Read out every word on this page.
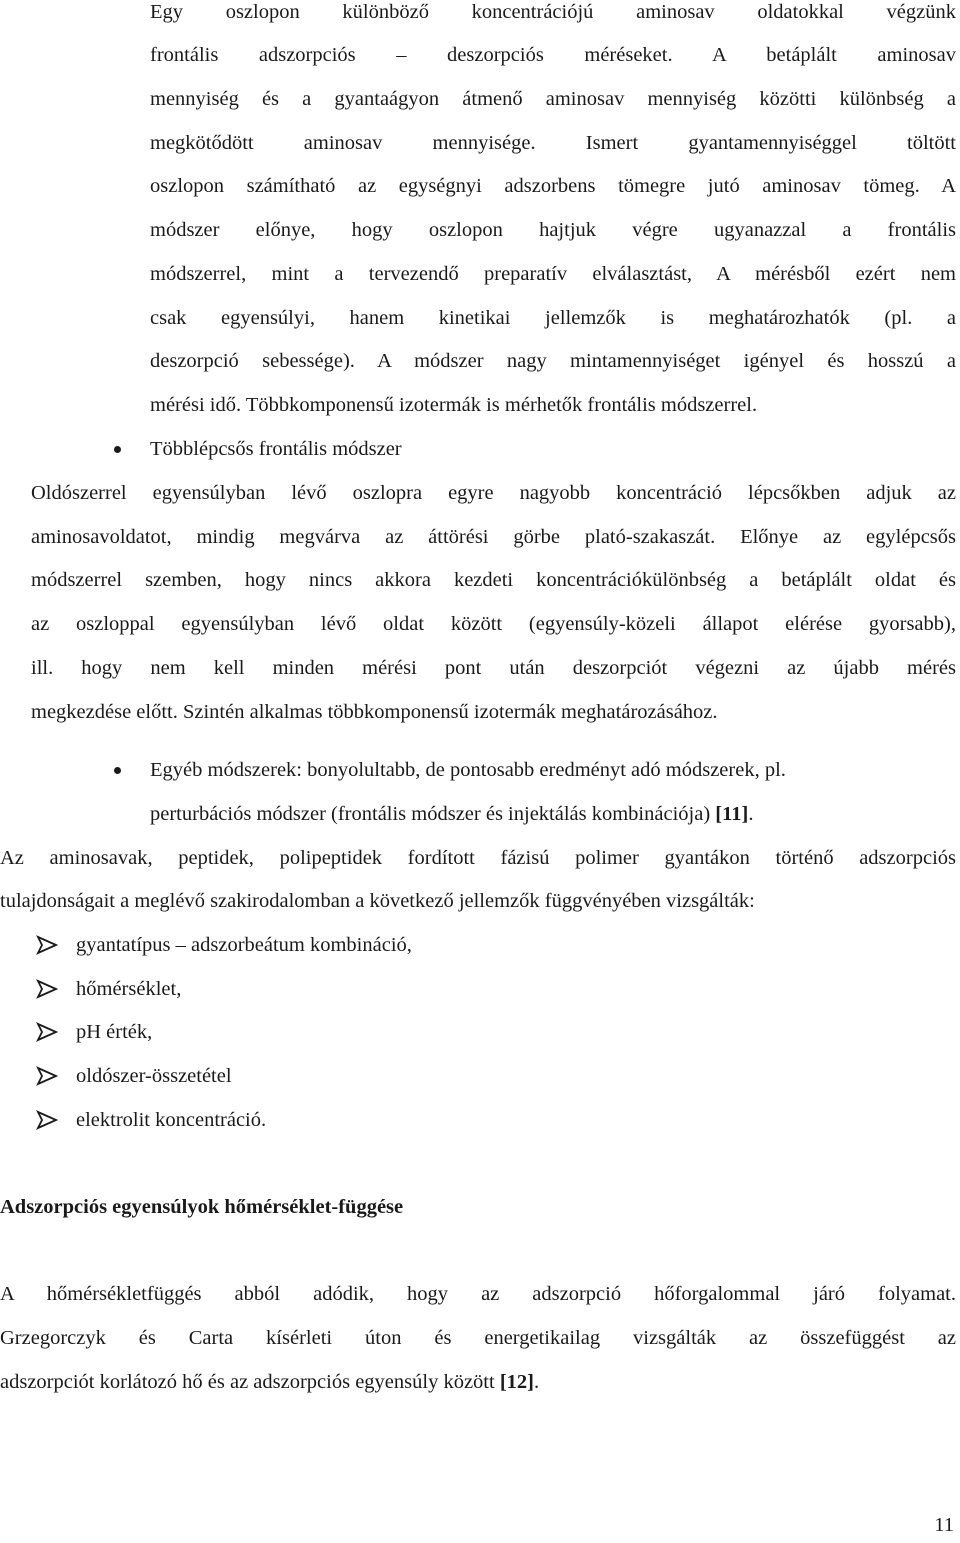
Egy oszlopon különböző koncentrációjú aminosav oldatokkal végzünk

frontális adszorpciós – deszorpciós méréseket. A betáplált aminosav

mennyiség és a gyantaágyon átmenő aminosav mennyiség közötti különbség a

megkötődött aminosav mennyisége. Ismert gyantamennyiséggel töltött

oszlopon számítható az egységnyi adszorbens tömegre jutó aminosav tömeg. A

módszer előnye, hogy oszlopon hajtjuk végre ugyanazzal a frontális

módszerrel, mint a tervezendő preparatív elválasztást, A mérésből ezért nem

csak egyensúlyi, hanem kinetikai jellemzők is meghatározhatók (pl. a

deszorpció sebessége). A módszer nagy mintamennyiséget igényel és hosszú a

mérési idő. Többkomponensű izotermák is mérhetők frontális módszerrel.

Többlépcsős frontális módszer

Oldószerrel egyensúlyban lévő oszlopra egyre nagyobb koncentráció lépcsőkben adjuk az

aminosavoldatot, mindig megvárva az áttörési görbe plató-szakaszát. Előnye az egylépcsős

módszerrel szemben, hogy nincs akkora kezdeti koncentrációkülönbség a betáplált oldat és

az oszloppal egyensúlyban lévő oldat között (egyensúly-közeli állapot elérése gyorsabb),

ill. hogy nem kell minden mérési pont után deszorpciót végezni az újabb mérés

megkezdése előtt. Szintén alkalmas többkomponensű izotermák meghatározásához.

Egyéb módszerek: bonyolultabb, de pontosabb eredményt adó módszerek, pl.

perturbációs módszer (frontális módszer és injektálás kombinációja) [11].

Az aminosavak, peptidek, polipeptidek fordított fázisú polimer gyantákon történő adszorpciós

tulajdonságait a meglévő szakirodalomban a következő jellemzők függvényében vizsgálták:

gyantatípus – adszorbeátum kombináció,

hőmérséklet,

pH érték,

oldószer-összetétel

elektrolit koncentráció.

Adszorpciós egyensúlyok hőmérséklet-függése

A hőmérsékletfüggés abból adódik, hogy az adszorpció hőforgalommal járó folyamat.

Grzegorczyk és Carta kísérleti úton és energetikailag vizsgálták az összefüggést az

adszorpciót korlátozó hő és az adszorpciós egyensúly között [12].

11
